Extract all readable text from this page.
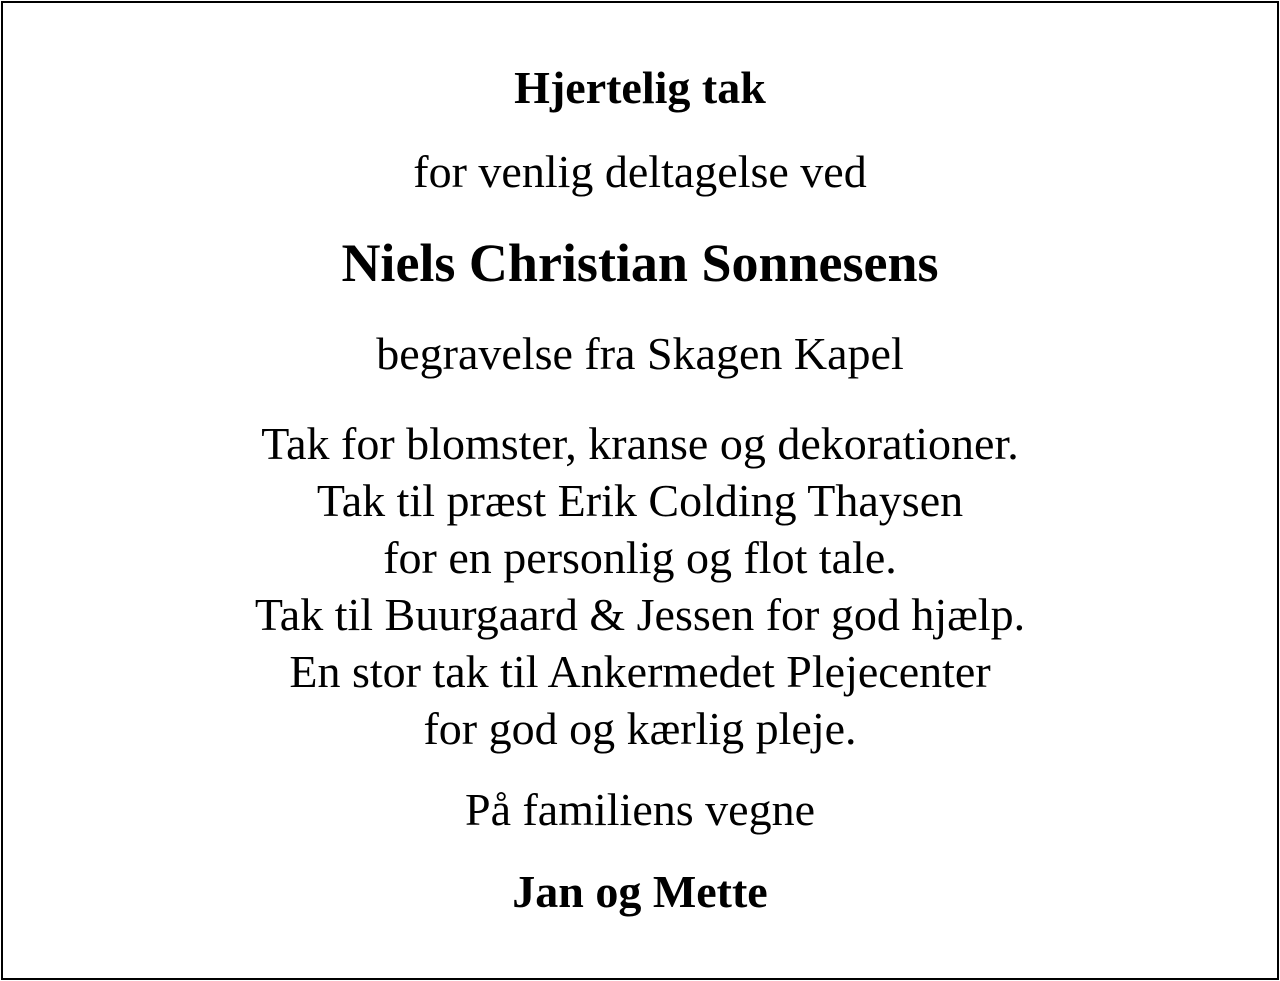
Hjertelig tak
for venlig deltagelse ved
Niels Christian Sonnesens
begravelse fra Skagen Kapel
Tak for blomster, kranse og dekorationer.
Tak til præst Erik Colding Thaysen
for en personlig og flot tale.
Tak til Buurgaard & Jessen for god hjælp.
En stor tak til Ankermedet Plejecenter
for god og kærlig pleje.
På familiens vegne
Jan og Mette
